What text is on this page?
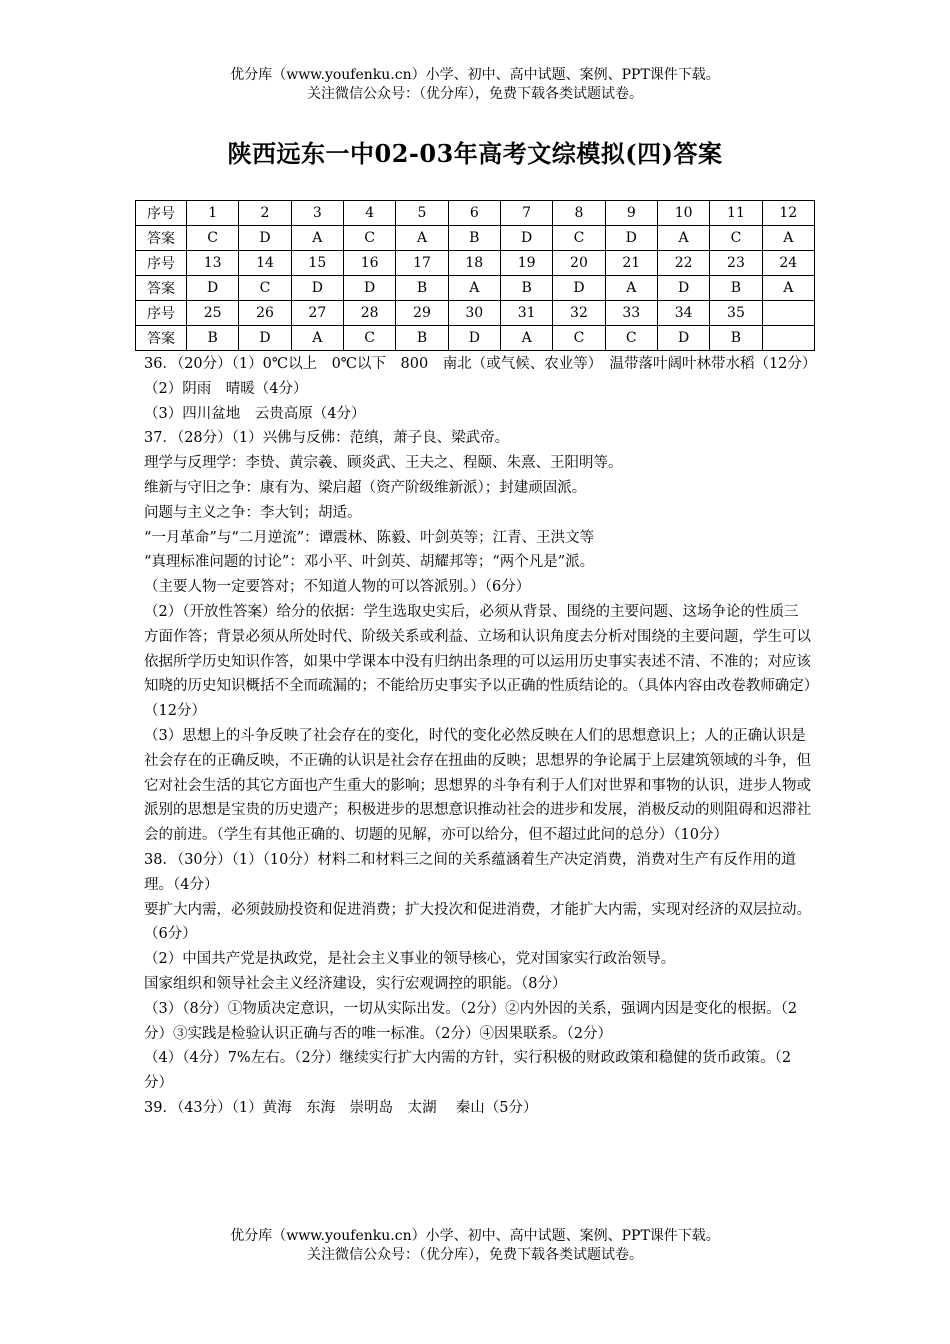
优分库（www.youfenku.cn）小学、初中、高中试题、案例、PPT课件下载。
关注微信公众号：（优分库），免费下载各类试题试卷。
陕西远东一中02-03年高考文综模拟(四)答案
序号	1	2	3	4	5	6	7	8	9	10	11	12
答案	C	D	A	C	A	B	D	C	D	A	C	A
序号	13	14	15	16	17	18	19	20	21	22	23	24
答案	D	C	D	D	B	A	B	D	A	D	B	A
序号	25	26	27	28	29	30	31	32	33	34	35	
答案	B	D	A	C	B	D	A	C	C	D	B	

36．（20分）（1）0℃以上　0℃以下　800　南北（或气候、农业等）　温带落叶阔叶林带水稻（12分）

（2）阴雨　晴暖（4分）

（3）四川盆地　云贵高原（4分）

37．（28分）（1）兴佛与反佛：范缜，萧子良、梁武帝。

理学与反理学：李贽、黄宗羲、顾炎武、王夫之、程颐、朱熹、王阳明等。

维新与守旧之争：康有为、梁启超（资产阶级维新派）；封建顽固派。

问题与主义之争：李大钊；胡适。

“一月革命”与“二月逆流”：谭震林、陈毅、叶剑英等；江青、王洪文等

“真理标准问题的讨论”：邓小平、叶剑英、胡耀邦等；“两个凡是”派。

（主要人物一定要答对；不知道人物的可以答派别。）（6分）

（2）（开放性答案）给分的依据：学生选取史实后，必须从背景、围绕的主要问题、这场争论的性质三方面作答；背景必须从所处时代、阶级关系或利益、立场和认识角度去分析对围绕的主要问题，学生可以依据所学历史知识作答，如果中学课本中没有归纳出条理的可以运用历史事实表述不清、不准的；对应该知晓的历史知识概括不全而疏漏的；不能给历史事实予以正确的性质结论的。（具体内容由改卷教师确定）（12分）

（3）思想上的斗争反映了社会存在的变化，时代的变化必然反映在人们的思想意识上；人的正确认识是社会存在的正确反映，不正确的认识是社会存在扭曲的反映；思想界的争论属于上层建筑领域的斗争，但它对社会生活的其它方面也产生重大的影响；思想界的斗争有利于人们对世界和事物的认识，进步人物或派别的思想是宝贵的历史遗产；积极进步的思想意识推动社会的进步和发展，消极反动的则阻碍和迟滞社会的前进。（学生有其他正确的、切题的见解，亦可以给分，但不超过此问的总分）（10分）

38．（30分）（1）（10分）材料二和材料三之间的关系蕴涵着生产决定消费，消费对生产有反作用的道理。（4分）

要扩大内需，必须鼓励投资和促进消费；扩大投次和促进消费，才能扩大内需，实现对经济的双层拉动。（6分）

（2）中国共产党是执政党，是社会主义事业的领导核心，党对国家实行政治领导。

国家组织和领导社会主义经济建设，实行宏观调控的职能。（8分）

（3）（8分）①物质决定意识，一切从实际出发。（2分）②内外因的关系，强调内因是变化的根据。（2分）③实践是检验认识正确与否的唯一标准。（2分）④因果联系。（2分）

（4）（4分）7%左右。（2分）继续实行扩大内需的方针，实行积极的财政政策和稳健的货币政策。（2分）

39．（43分）（1）黄海　东海　崇明岛　太湖　 秦山（5分）

优分库（www.youfenku.cn）小学、初中、高中试题、案例、PPT课件下载。
关注微信公众号：（优分库），免费下载各类试题试卷。
